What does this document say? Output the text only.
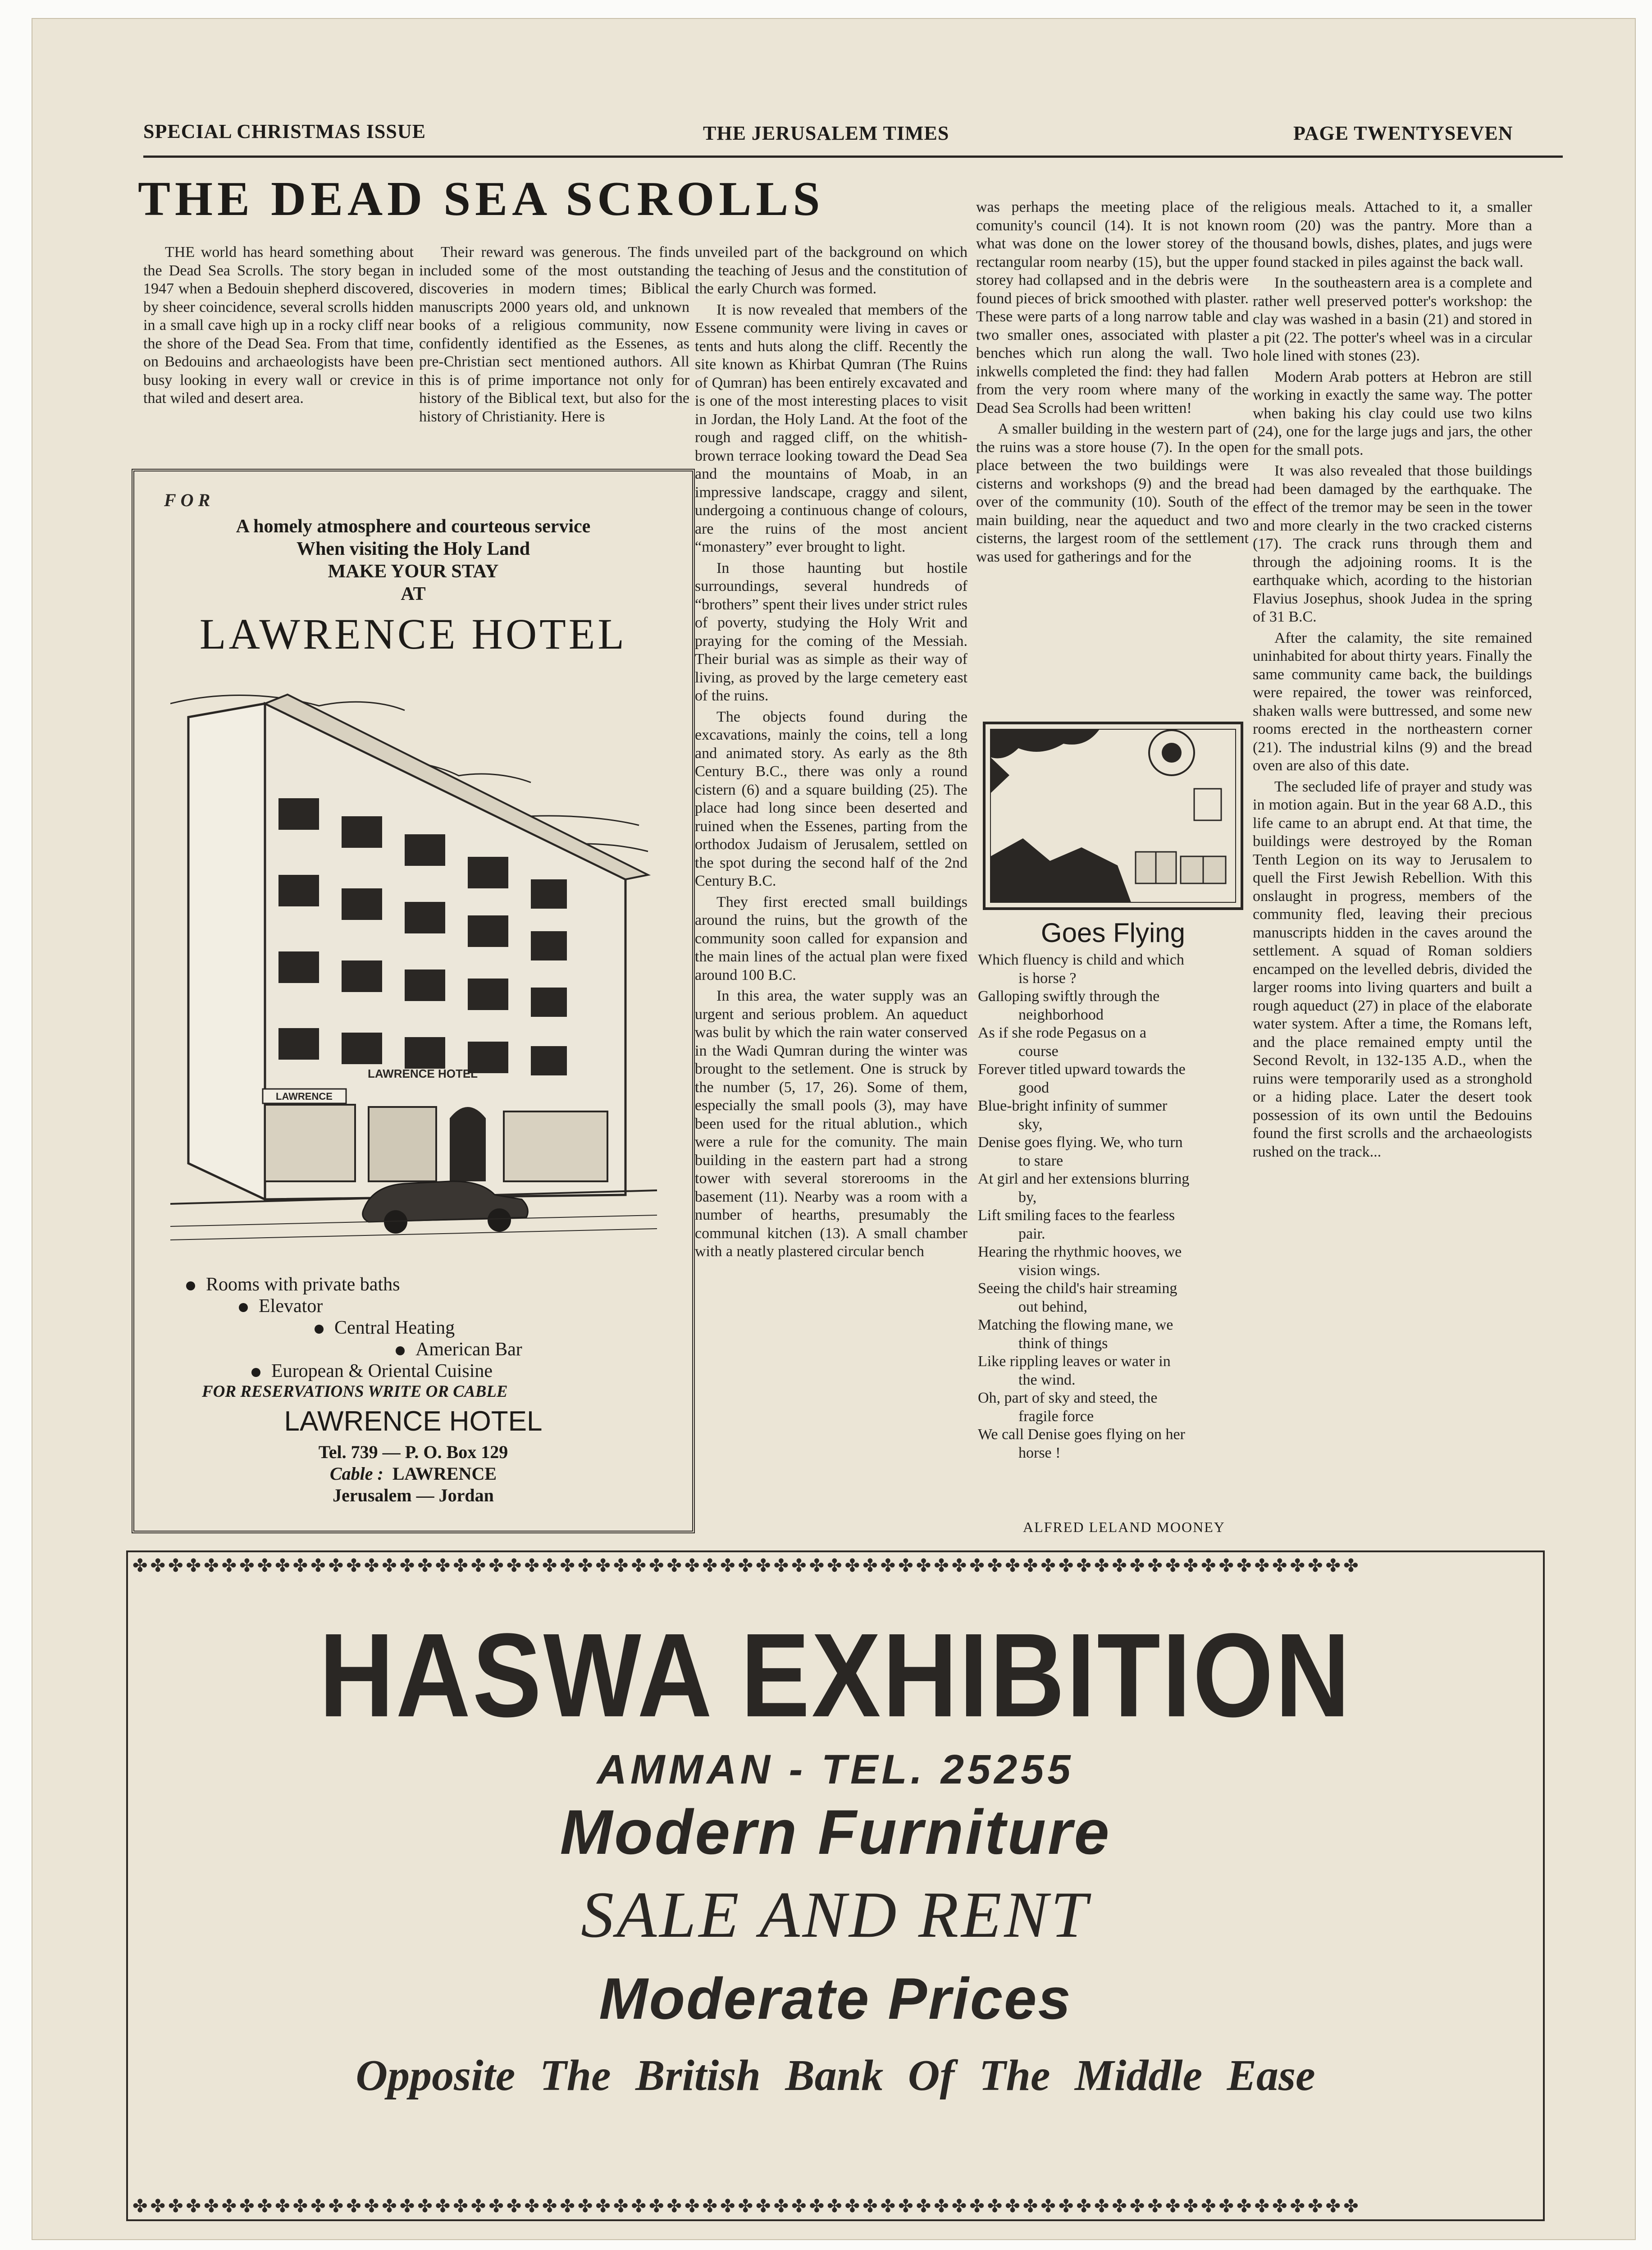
SPECIAL CHRISTMAS ISSUE	THE JERUSALEM TIMES	PAGE TWENTYSEVEN
THE DEAD SEA SCROLLS

THE world has heard something about the Dead Sea Scrolls. The story began in 1947 when a Bedouin shepherd discovered, by sheer coincidence, several scrolls hidden in a small cave high up in a rocky cliff near the shore of the Dead Sea. From that time, on Bedouins and archaeologists have been busy looking in every wall or crevice in that wiled and desert area.

Their reward was generous. The finds included some of the most outstanding discoveries in modern times; Biblical manuscripts 2000 years old, and unknown books of a religious community, now confidently identified as the Essenes, as pre-Christian sect mentioned authors. All this is of prime importance not only for history of the Biblical text, but also for the history of Christianity. Here is

FOR
A homely atmosphere and courteous service
When visiting the Holy Land
MAKE YOUR STAY
AT
LAWRENCE HOTEL
LAWRENCE
LAWRENCE HOTEL
Rooms with private baths
Elevator
Central Heating
American Bar
European & Oriental Cuisine
FOR RESERVATIONS WRITE OR CABLE
LAWRENCE HOTEL
Tel. 739 — P. O. Box 129
Cable : LAWRENCE
Jerusalem — Jordan

unveiled part of the background on which the teaching of Jesus and the constitution of the early Church was formed.

It is now revealed that members of the Essene community were living in caves or tents and huts along the cliff. Recently the site known as Khirbat Qumran (The Ruins of Qumran) has been entirely excavated and is one of the most interesting places to visit in Jordan, the Holy Land. At the foot of the rough and ragged cliff, on the whitish-brown terrace looking toward the Dead Sea and the mountains of Moab, in an impressive landscape, craggy and silent, undergoing a continuous change of colours, are the ruins of the most ancient “monastery” ever brought to light.

In those haunting but hostile surroundings, several hundreds of “brothers” spent their lives under strict rules of poverty, studying the Holy Writ and praying for the coming of the Messiah. Their burial was as simple as their way of living, as proved by the large cemetery east of the ruins.

The objects found during the excavations, mainly the coins, tell a long and animated story. As early as the 8th Century B.C., there was only a round cistern (6) and a square building (25). The place had long since been deserted and ruined when the Essenes, parting from the orthodox Judaism of Jerusalem, settled on the spot during the second half of the 2nd Century B.C.

They first erected small buildings around the ruins, but the growth of the community soon called for expansion and the main lines of the actual plan were fixed around 100 B.C.

In this area, the water supply was an urgent and serious problem. An aqueduct was bulit by which the rain water conserved in the Wadi Qumran during the winter was brought to the setlement. One is struck by the number (5, 17, 26). Some of them, especially the small pools (3), may have been used for the ritual ablution., which were a rule for the comunity. The main building in the eastern part had a strong tower with several storerooms in the basement (11). Nearby was a room with a number of hearths, presumably the communal kitchen (13). A small chamber with a neatly plastered circular bench

was perhaps the meeting place of the comunity's council (14). It is not known what was done on the lower storey of the rectangular room nearby (15), but the upper storey had collapsed and in the debris were found pieces of brick smoothed with plaster. These were parts of a long narrow table and two smaller ones, associated with plaster benches which run along the wall. Two inkwells completed the find: they had fallen from the very room where many of the Dead Sea Scrolls had been written!

A smaller building in the western part of the ruins was a store house (7). In the open place between the two buildings were cisterns and workshops (9) and the bread over of the community (10). South of the main building, near the aqueduct and two cisterns, the largest room of the settlement was used for gatherings and for the

Goes Flying
Which fluency is child and which
is horse ?
Galloping swiftly through the
neighborhood
As if she rode Pegasus on a
course
Forever titled upward towards the
good
Blue-bright infinity of summer
sky,
Denise goes flying. We, who turn
to stare
At girl and her extensions blurring
by,
Lift smiling faces to the fearless
pair.
Hearing the rhythmic hooves, we
vision wings.
Seeing the child's hair streaming
out behind,
Matching the flowing mane, we
think of things
Like rippling leaves or water in
the wind.
Oh, part of sky and steed, the
fragile force
We call Denise goes flying on her
horse !
ALFRED LELAND MOONEY

religious meals. Attached to it, a smaller room (20) was the pantry. More than a thousand bowls, dishes, plates, and jugs were found stacked in piles against the back wall.

In the southeastern area is a complete and rather well preserved potter's workshop: the clay was washed in a basin (21) and stored in a pit (22. The potter's wheel was in a circular hole lined with stones (23).

Modern Arab potters at Hebron are still working in exactly the same way. The potter when baking his clay could use two kilns (24), one for the large jugs and jars, the other for the small pots.

It was also revealed that those buildings had been damaged by the earthquake. The effect of the tremor may be seen in the tower and more clearly in the two cracked cisterns (17). The crack runs through them and through the adjoining rooms. It is the earthquake which, acording to the historian Flavius Josephus, shook Judea in the spring of 31 B.C.

After the calamity, the site remained uninhabited for about thirty years. Finally the same community came back, the buildings were repaired, the tower was reinforced, shaken walls were buttressed, and some new rooms erected in the northeastern corner (21). The industrial kilns (9) and the bread oven are also of this date.

The secluded life of prayer and study was in motion again. But in the year 68 A.D., this life came to an abrupt end. At that time, the buildings were destroyed by the Roman Tenth Legion on its way to Jerusalem to quell the First Jewish Rebellion. With this onslaught in progress, members of the community fled, leaving their precious manuscripts hidden in the caves around the settlement. A squad of Roman soldiers encamped on the levelled debris, divided the larger rooms into living quarters and built a rough aqueduct (27) in place of the elaborate water system. After a time, the Romans left, and the place remained empty until the Second Revolt, in 132-135 A.D., when the ruins were temporarily used as a stronghold or a hiding place. Later the desert took possession of its own until the Bedouins found the first scrolls and the archaeologists rushed on the track...

✤✤✤✤✤✤✤✤✤✤✤✤✤✤✤✤✤✤✤✤✤✤✤✤✤✤✤✤✤✤✤✤✤✤✤✤✤✤✤✤✤✤✤✤✤✤✤✤✤✤✤✤✤✤✤✤✤✤✤✤✤✤✤✤✤✤✤✤✤
✤✤✤✤✤✤✤✤✤✤✤✤✤✤✤✤✤✤✤✤✤✤✤✤✤✤✤✤✤✤✤✤✤✤✤✤✤✤✤✤✤✤✤✤✤✤✤✤✤✤✤✤✤✤✤✤✤✤✤✤✤✤✤✤✤✤✤✤✤
HASWA EXHIBITION
AMMAN - TEL. 25255
Modern Furniture
SALE AND RENT
Moderate Prices
Opposite The British Bank Of The Middle Ease
